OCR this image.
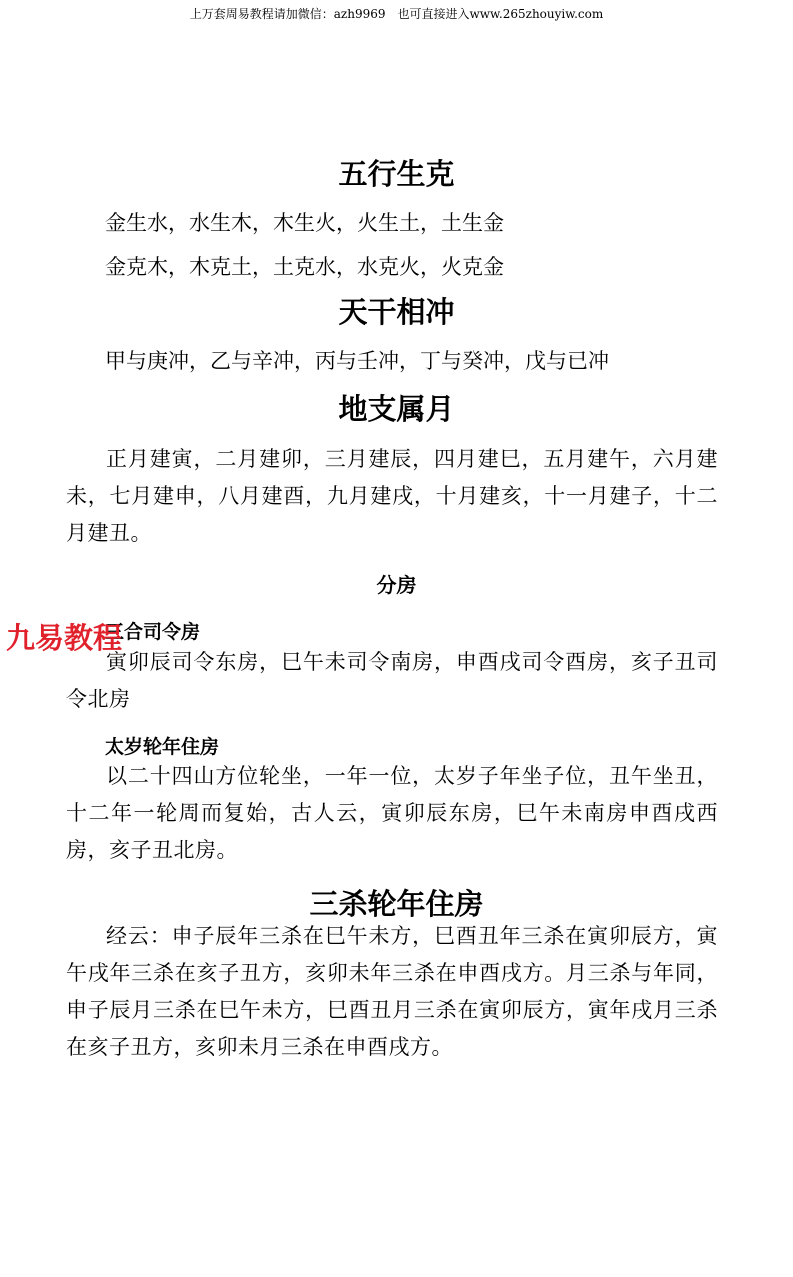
上万套周易教程请加微信：azh9969　也可直接进入www.265zhouyiw.com
五行生克

金生水，水生木，木生火，火生土，土生金

金克木，木克土，土克水，水克火，火克金

天干相冲

甲与庚冲，乙与辛冲，丙与壬冲，丁与癸冲，戊与已冲

地支属月

正月建寅，二月建卯，三月建辰，四月建巳，五月建午，六月建未，七月建申，八月建酉，九月建戌，十月建亥，十一月建子，十二月建丑。

分房
三合司令房

寅卯辰司令东房，巳午未司令南房，申酉戌司令酉房，亥子丑司令北房

太岁轮年住房

以二十四山方位轮坐，一年一位，太岁子年坐子位，丑午坐丑，十二年一轮周而复始，古人云，寅卯辰东房，巳午未南房申酉戌西房，亥子丑北房。

三杀轮年住房

经云：申子辰年三杀在巳午未方，巳酉丑年三杀在寅卯辰方，寅午戌年三杀在亥子丑方，亥卯未年三杀在申酉戌方。月三杀与年同，申子辰月三杀在巳午未方，巳酉丑月三杀在寅卯辰方，寅年戌月三杀在亥子丑方，亥卯未月三杀在申酉戌方。

九易教程
